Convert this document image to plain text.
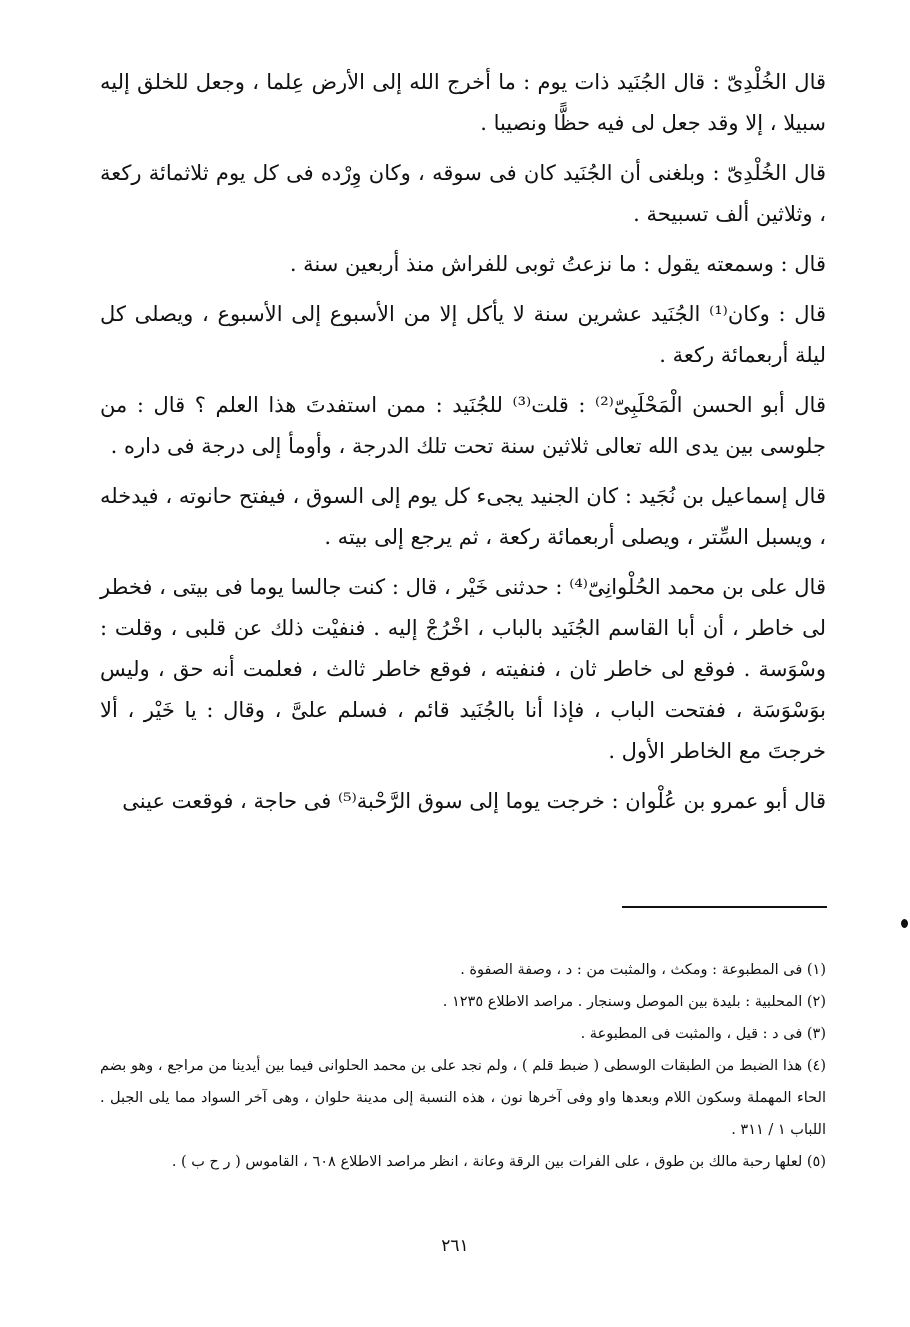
قال الخُلْدِىّ : قال الجُنَيد ذات يوم : ما أخرج الله إلى الأرض عِلما ، وجعل للخلق إليه سبيلا ، إلا وقد جعل لى فيه حظًّا ونصيبا .

قال الخُلْدِىّ : وبلغنى أن الجُنَيد كان فى سوقه ، وكان وِرْده فى كل يوم ثلاثمائة ركعة ، وثلاثين ألف تسبيحة .

قال : وسمعته يقول : ما نزعتُ ثوبى للفراش منذ أربعين سنة .

قال : وكان⁽¹⁾ الجُنَيد عشرين سنة لا يأكل إلا من الأسبوع إلى الأسبوع ، ويصلى كل ليلة أربعمائة ركعة .

قال أبو الحسن الْمَحْلَبِىّ⁽²⁾ : قلت⁽³⁾ للجُنَيد : ممن استفدتَ هذا العلم ؟ قال : من جلوسى بين يدى الله تعالى ثلاثين سنة تحت تلك الدرجة ، وأومأ إلى درجة فى داره .

قال إسماعيل بن نُجَيد : كان الجنيد يجىء كل يوم إلى السوق ، فيفتح حانوته ، فيدخله ، ويسبل السِّتر ، ويصلى أربعمائة ركعة ، ثم يرجع إلى بيته .

قال على بن محمد الحُلْوانِىّ⁽⁴⁾ : حدثنى خَيْر ، قال : كنت جالسا يوما فى بيتى ، فخطر لى خاطر ، أن أبا القاسم الجُنَيد بالباب ، اخْرُجْ إليه . فنفيْت ذلك عن قلبى ، وقلت : وسْوَسة . فوقع لى خاطر ثان ، فنفيته ، فوقع خاطر ثالث ، فعلمت أنه حق ، وليس بوَسْوَسَة ، ففتحت الباب ، فإذا أنا بالجُنَيد قائم ، فسلم علىَّ ، وقال : يا خَيْر ، ألا خرجتَ مع الخاطر الأول .

قال أبو عمرو بن عُلْوان : خرجت يوما إلى سوق الرَّحْبة⁽⁵⁾ فى حاجة ، فوقعت عينى

(١) فى المطبوعة : ومكث ، والمثبت من : د ، وصفة الصفوة .
(٢) المحلبية : بليدة بين الموصل وسنجار . مراصد الاطلاع ١٢٣٥ .
(٣) فى د : قيل ، والمثبت فى المطبوعة .
(٤) هذا الضبط من الطبقات الوسطى ( ضبط قلم ) ، ولم نجد على بن محمد الحلوانى فيما بين أيدينا من مراجع ، وهو بضم الحاء المهملة وسكون اللام وبعدها واو وفى آخرها نون ، هذه النسبة إلى مدينة حلوان ، وهى آخر السواد مما يلى الجبل . اللباب ١ / ٣١١ .
(٥) لعلها رحبة مالك بن طوق ، على الفرات بين الرقة وعانة ، انظر مراصد الاطلاع ٦٠٨ ، القاموس ( ر ح ب ) .
٢٦١
